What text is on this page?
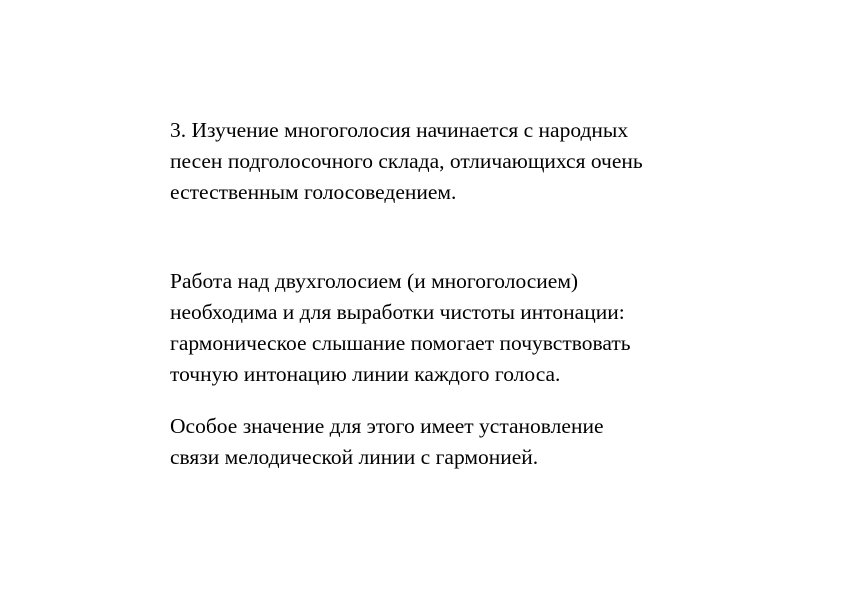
3. Изучение многоголосия начинается с народных
песен подголосочного склада, отличающихся очень
естественным голосоведением.
Работа над двухголосием (и многоголосием)
необходима и для выработки чистоты интонации:
гармоническое слышание помогает почувствовать
точную интонацию линии каждого голоса.
Особое значение для этого имеет установление
связи мелодической линии с гармонией.
